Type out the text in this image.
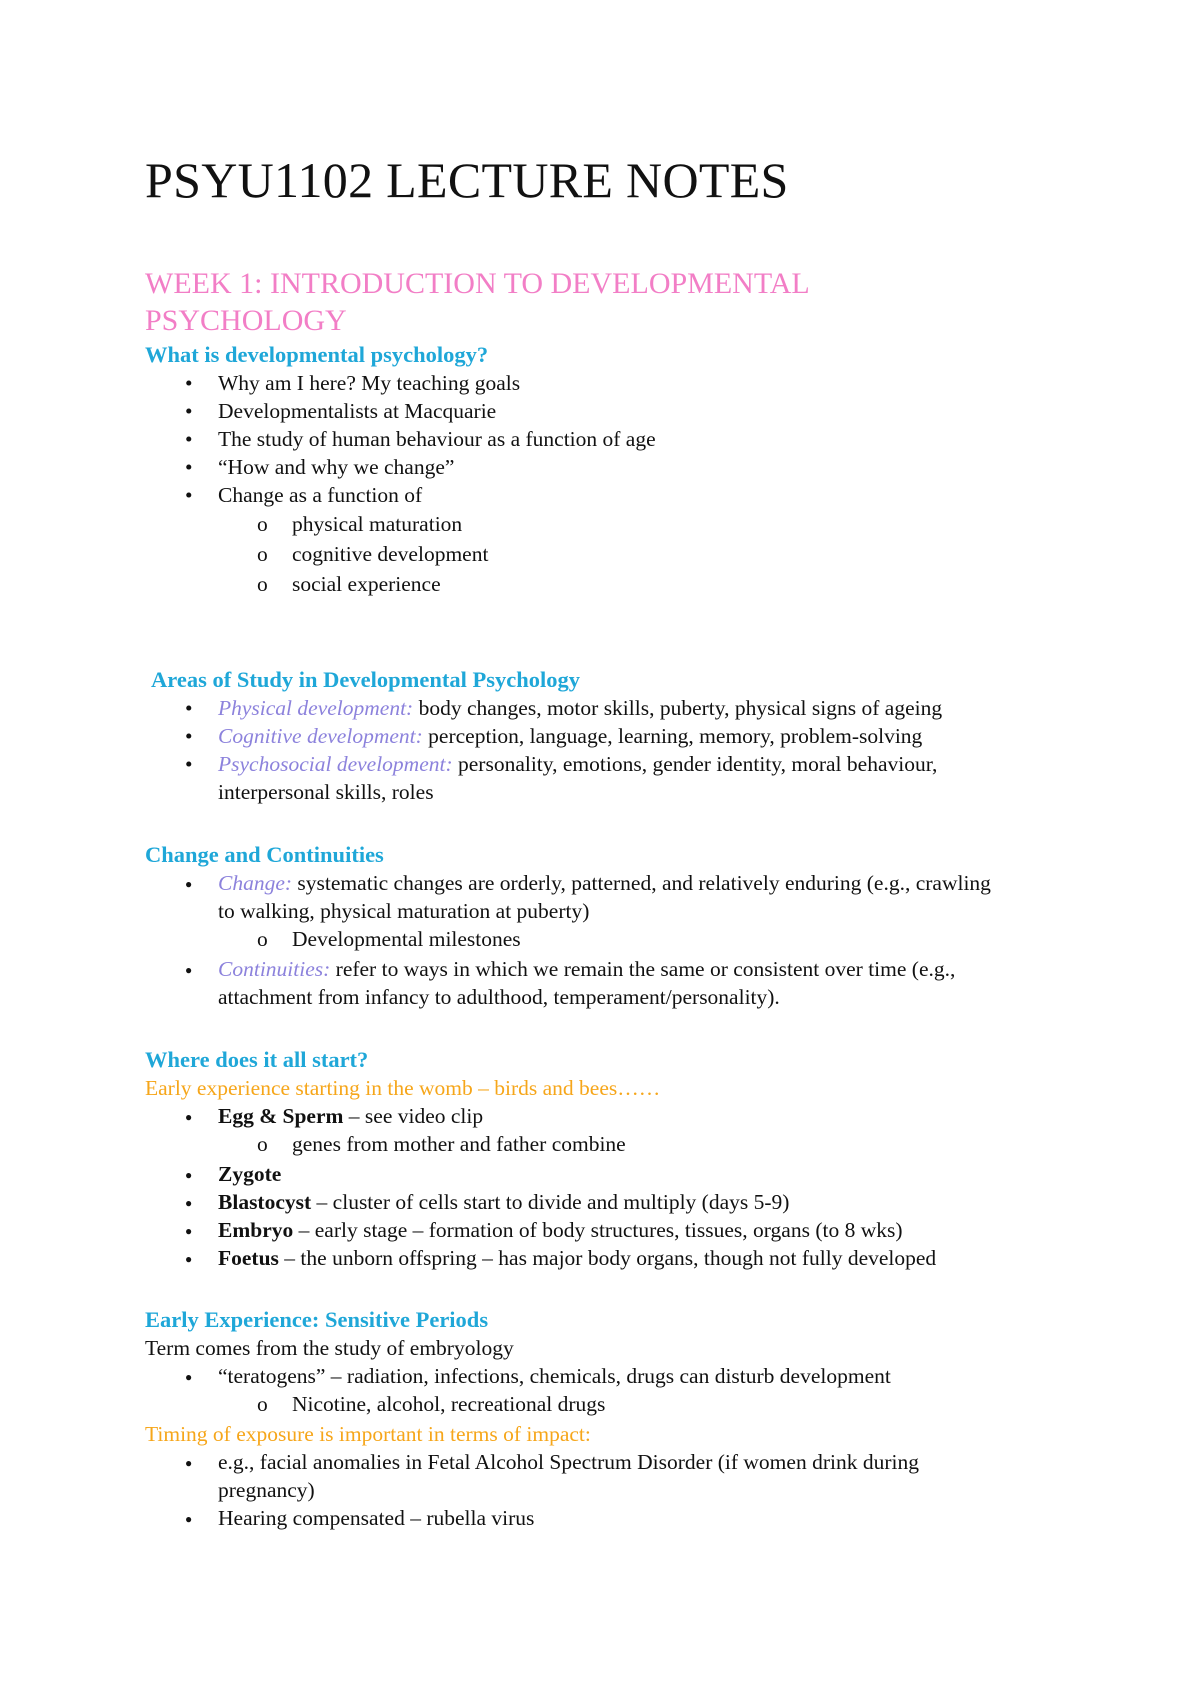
PSYU1102 LECTURE NOTES
WEEK 1: INTRODUCTION TO DEVELOPMENTAL PSYCHOLOGY
What is developmental psychology?
• Why am I here? My teaching goals
• Developmentalists at Macquarie
• The study of human behaviour as a function of age
• “How and why we change”
• Change as a function of
o physical maturation
o cognitive development
o social experience
Areas of Study in Developmental Psychology
• Physical development: body changes, motor skills, puberty, physical signs of ageing
• Cognitive development: perception, language, learning, memory, problem-solving
• Psychosocial development: personality, emotions, gender identity, moral behaviour, interpersonal skills, roles
Change and Continuities
● Change: systematic changes are orderly, patterned, and relatively enduring (e.g., crawling to walking, physical maturation at puberty)
o Developmental milestones
● Continuities: refer to ways in which we remain the same or consistent over time (e.g., attachment from infancy to adulthood, temperament/personality).
Where does it all start?
Early experience starting in the womb – birds and bees……
● Egg & Sperm – see video clip
o genes from mother and father combine
● Zygote
● Blastocyst – cluster of cells start to divide and multiply (days 5-9)
● Embryo – early stage – formation of body structures, tissues, organs (to 8 wks)
● Foetus – the unborn offspring – has major body organs, though not fully developed
Early Experience: Sensitive Periods
Term comes from the study of embryology
● “teratogens” – radiation, infections, chemicals, drugs can disturb development
o Nicotine, alcohol, recreational drugs
Timing of exposure is important in terms of impact:
● e.g., facial anomalies in Fetal Alcohol Spectrum Disorder (if women drink during pregnancy)
● Hearing compensated – rubella virus
